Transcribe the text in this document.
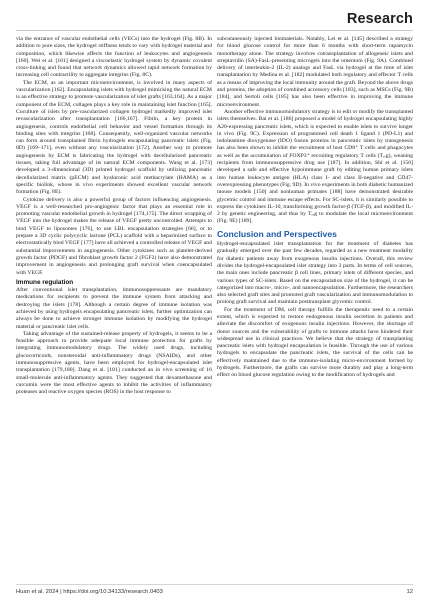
Research

via the entrance of vascular endothelial cells (VECs) into the hydrogel (Fig. 8B). In addition to pore sizes, the hydrogel stiffness tends to vary with hydrogel material and composition, which likewise affects the function of leukocytes and angiogenesis [160]. Wei et al. [161] designed a viscoelastic hydrogel system by dynamic covalent cross-linking and found that network dynamics allowed rapid network formation by increasing cell contractility to aggregate integrins (Fig. 8C).

The ECM, as an important microenvironment, is involved in many aspects of vascularization [162]. Encapsulating islets with hydrogel mimicking the natural ECM is an effective strategy to promote vascularization of islet grafts [163,164]. As a major component of the ECM, collagen plays a key role in maintaining islet function [165]. Coculture of islets by pre-vascularized collagen hydrogel markedly improved islet revascularization after transplantation [166,167]. Fibrin, a key protein in angiogenesis, controls endothelial cell behavior and vessel formation through its binding sites with integrins [168]. Consequently, well-organized vascular networks can form around transplanted fibrin hydrogels encapsulating pancreatic islets (Fig. 8D) [169–171], even without any vascularization [172]. Another way to promote angiogenesis by ECM is fabricating the hydrogel with decellularized pancreatic tissues, taking full advantage of its natural ECM components. Wang et al. [173] developed a 3-dimensional (3D) printed hydrogel scaffold by utilizing pancreatic decellularized matrix (pECM) and hyaluronic acid methacrylate (HAMA) as a specific biolink, whose in vivo experiments showed excellent vascular network formation (Fig. 8E).

Cytokine delivery is also a powerful group of factors influencing angiogenesis. VEGF is a well-researched pro-angiogenic factor that plays an essential role in promoting vascular endothelial growth in hydrogel [174,175]. The direct wrapping of VEGF into the hydrogel makes the release of VEGF pretty uncontrolled. Attempts to bind VEGF to liposomes [176], to use LBL encapsulation strategies [66], or to prepare a 3D cyclic polycyclic lactone (PCL) scaffold with a heparinized surface to electrostatically bind VEGF [177] have all achieved a controlled release of VEGF and substantial improvements in angiogenesis. Other cytokines such as platelet-derived growth factor (PDGF) and fibroblast growth factor 2 (FGF2) have also demonstrated improvement in angiogenesis and prolonging graft survival when coencapsulated with VEGF.

Immune regulation

After conventional islet transplantation, immunosuppressants are mandatory medications for recipients to prevent the immune system from attacking and destroying the islets [178]. Although a certain degree of immune isolation was achieved by using hydrogels encapsulating pancreatic islets, further optimization can always be done to achieve stronger immune isolation by modifying the hydrogel material or pancreatic islet cells.

Taking advantage of the sustained-release property of hydrogels, it seems to be a feasible approach to provide adequate local immune protection for grafts by integrating immunomodulatory drugs. The widely used drugs, including glucocorticoids, nonsteroidal anti-inflammatory drugs (NSAIDs), and other immunosuppressive agents, have been employed for hydrogel-encapsulated islet transplantation [179,180]. Dang et al. [181] conducted an in vivo screening of 16 small-molecule anti-inflammatory agents. They suggested that dexamethasone and curcumin were the most effective agents to inhibit the activities of inflammatory proteases and reactive oxygen species (ROS) in the host response to

subcutaneously injected biomaterials. Notably, Lei et al. [145] described a strategy for blood glucose control for more than 6 months with short-term rapamycin monotherapy alone. The strategy involves cotransplantation of allogeneic islets and streptavidin (SA)-FasL-presenting microgels into the omentum (Fig. 9A). Combined delivery of interleukin-2 (IL-2) analogs and FasL via hydrogel at the time of islet transplantation by Medina et al. [182] modulated both regulatory and effector T cells as a means of improving the local immunity around the graft. Beyond the above drugs and proteins, the adoption of combined accessory cells [183], such as MSCs (Fig. 9B) [184], and Sertoli cells [185] has also been effective in improving the immune microenvironment.

Another effective immunomodulatory strategy is to edit or modify the transplanted islets themselves. Bai et al. [186] proposed a model of hydrogel encapsulating highly A20-expressing pancreatic islets, which is expected to enable islets to survive longer in vivo (Fig. 9C). Expression of programmed cell death 1 ligand 1 (PD-L1) and indoleamine dioxygenase (IDO) fusion proteins in pancreatic islets by transgenesis has also been shown to inhibit the recruitment of host CD8⁺ T cells and phagocytes as well as the accumulation of FOXP3⁺ recruiting regulatory T cells (Tᵣₑg), weaning recipients from immunosuppressive drug use [187]. In addition, Shi et al. [150] developed a safe and effective hypoimmune graft by editing human primary islets into human leukocyte antigen (HLA) class I- and class II-negative and CD47-overexpressing phenotypes (Fig. 9D). In vivo experiments in both diabetic humanized mouse models [150] and nonhuman primates [188] have demonstrated desirable glycemic control and immune escape effects. For SC-islets, it is similarly possible to express the cytokines IL-10, transforming growth factor-β (TGF-β), and modified IL-2 by genetic engineering, and thus by Tᵣₑg to modulate the local microenvironment (Fig. 9E) [189].

Conclusion and Perspectives

Hydrogel-encapsulated islet transplantation for the treatment of diabetes has gradually emerged over the past few decades, regarded as a new treatment modality for diabetic patients away from exogenous insulin injections. Overall, this review divides the hydrogel-encapsulated islet strategy into 3 parts. In terms of cell sources, the main ones include pancreatic β cell lines, primary islets of different species, and various types of SC-islets. Based on the encapsulation size of the hydrogel, it can be categorized into macro-, micro-, and nanoencapsulation. Furthermore, the researchers also selected graft sites and promoted graft vascularization and immunomodulation to prolong graft survival and maintain posttransplant glycemic control.

For the treatment of DM, cell therapy fulfills the therapeutic need to a certain extent, which is expected to restore endogenous insulin secretion in patients and alleviate the discomfort of exogenous insulin injections. However, the shortage of donor sources and the vulnerability of grafts to immune attacks have hindered their widespread use in clinical practices. We believe that the strategy of transplanting pancreatic islets with hydrogel encapsulation is feasible. Through the use of various hydrogels to encapsulate the pancreatic islets, the survival of the cells can be effectively maintained due to the immuno-isolating micro-environment formed by hydrogels. Furthermore, the grafts can survive more durably and play a long-term effect on blood glucose regulation owing to the modification of hydrogels and

Huan et al. 2024 | https://doi.org/10.34133/research.0403	12
